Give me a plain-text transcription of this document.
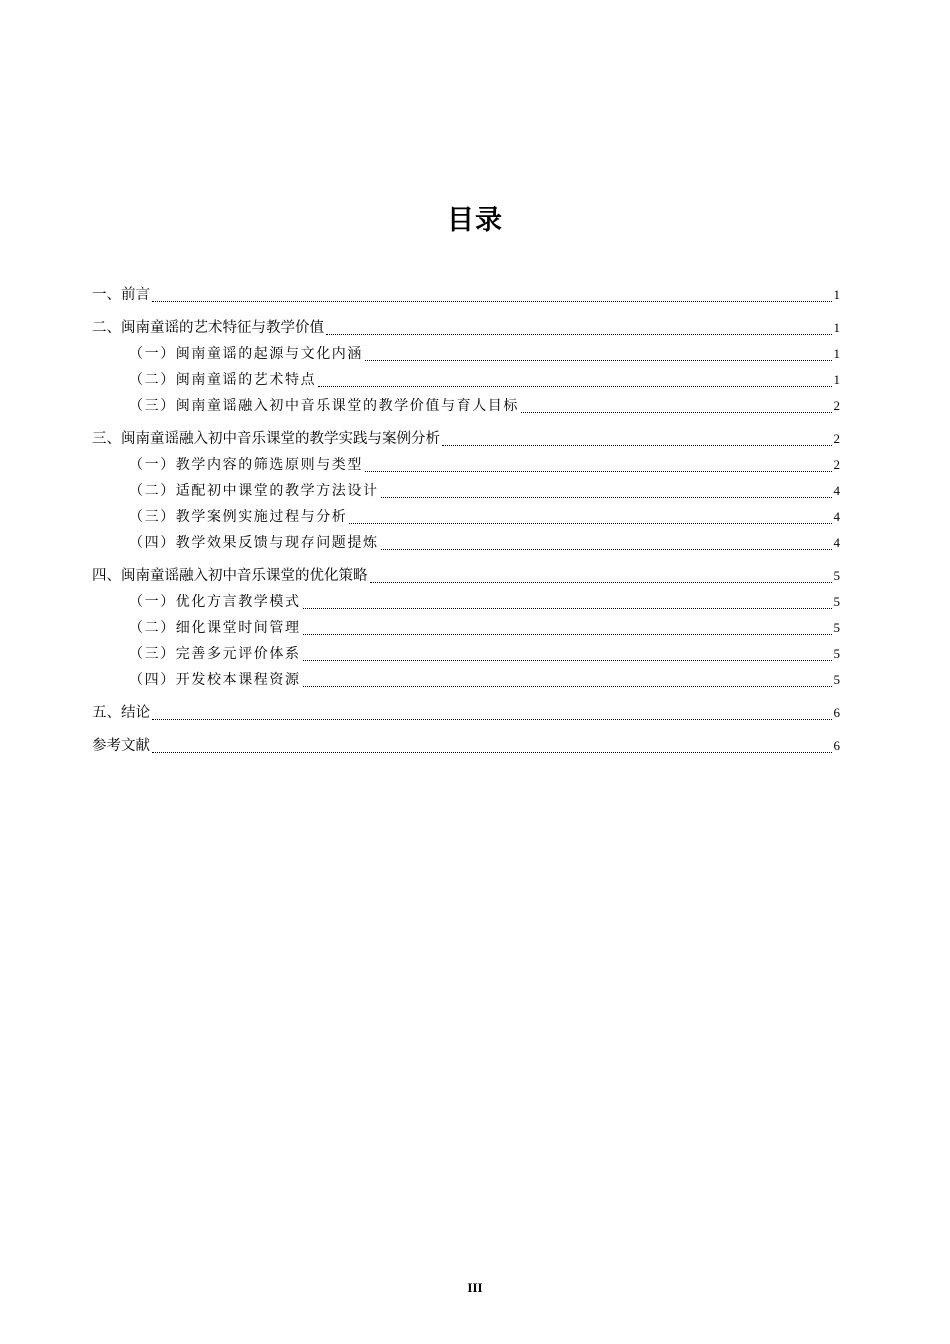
目录
一、前言	1
二、闽南童谣的艺术特征与教学价值	1
（一）闽南童谣的起源与文化内涵	1
（二）闽南童谣的艺术特点	1
（三）闽南童谣融入初中音乐课堂的教学价值与育人目标	2
三、闽南童谣融入初中音乐课堂的教学实践与案例分析	2
（一）教学内容的筛选原则与类型	2
（二）适配初中课堂的教学方法设计	4
（三）教学案例实施过程与分析	4
（四）教学效果反馈与现存问题提炼	4
四、闽南童谣融入初中音乐课堂的优化策略	5
（一）优化方言教学模式	5
（二）细化课堂时间管理	5
（三）完善多元评价体系	5
（四）开发校本课程资源	5
五、结论	6
参考文献	6
III
